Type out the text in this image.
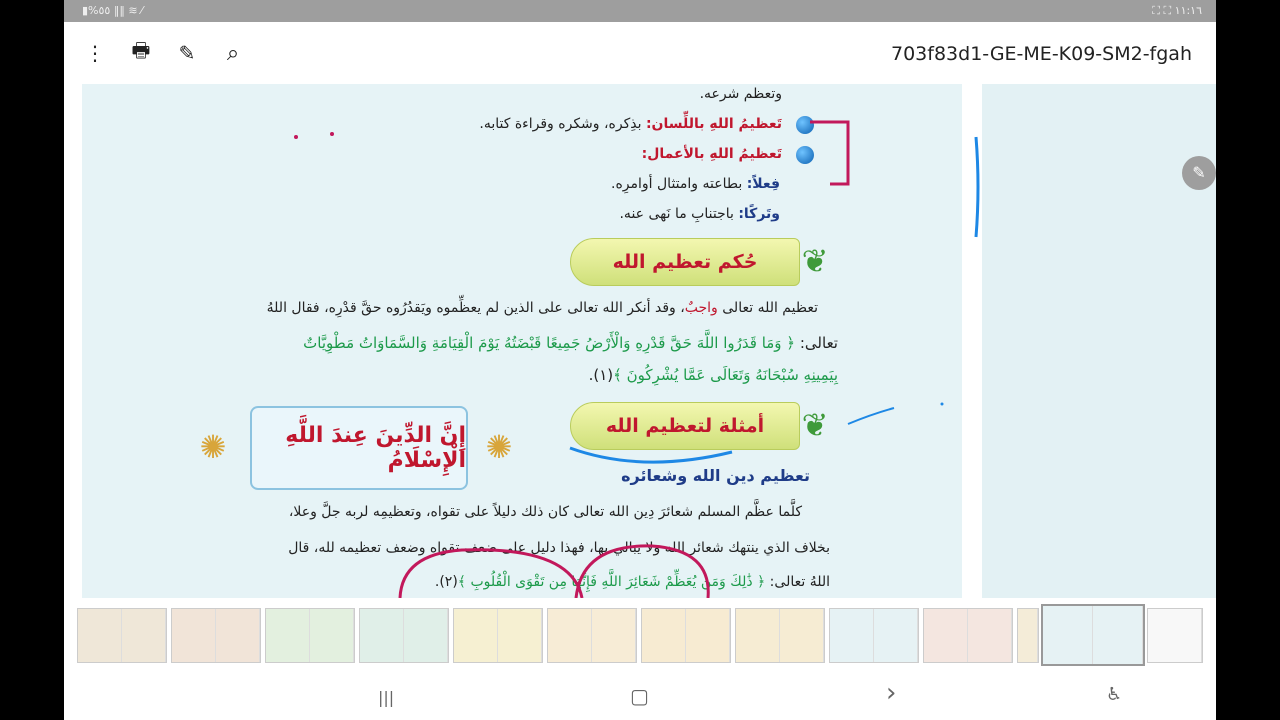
▮%٥٥ ‖‖ ≋ ⁄	⛶ ⛶ ١١:١٦
⋮ 🖶 ✎	⌕	703f83d1-GE-ME-K09-SM2-fgah
وتعظم شرعه.
تَعظيمُ اللهِ باللِّسان: بذِكره، وشكره وقراءة كتابه.
تَعظيمُ اللهِ بالأعمال:
فِعلاً: بطاعته وامتثال أوامرِه.
وتَركًا: باجتنابِ ما نَهى عنه.
حُكم تعظيم الله	❦
تعظيم الله تعالى واجبٌ، وقد أنكر الله تعالى على الذين لم يعظِّموه ويَقدُرُوه حقَّ قدْرِه، فقال اللهُ
تعالى: ﴿ وَمَا قَدَرُوا اللَّهَ حَقَّ قَدْرِهِ وَالْأَرْضُ جَمِيعًا قَبْضَتُهُ يَوْمَ الْقِيَامَةِ وَالسَّمَاوَاتُ مَطْوِيَّاتٌ
بِيَمِينِهِ سُبْحَانَهُ وَتَعَالَى عَمَّا يُشْرِكُونَ ﴾(١).
إِنَّ الدِّينَ عِندَ اللَّهِ الْإِسْلَامُ
✺	✺
أمثلة لتعظيم الله	❦
تعظيم دين الله وشعائره
كلَّما عظَّم المسلم شعائرَ دِين الله تعالى كان ذلك دليلاً على تقواه، وتعظيمِه لربه جلَّ وعلا،
بخلاف الذي ينتهك شعائر الله ولا يبالي بها، فهذا دليل على ضعف تقواه وضعف تعظيمه لله، قال
اللهُ تعالى: ﴿ ذَٰلِكَ وَمَن يُعَظِّمْ شَعَائِرَ اللَّهِ فَإِنَّهَا مِن تَقْوَى الْقُلُوبِ ﴾(٢).
✎
|||	▢	›	♿
